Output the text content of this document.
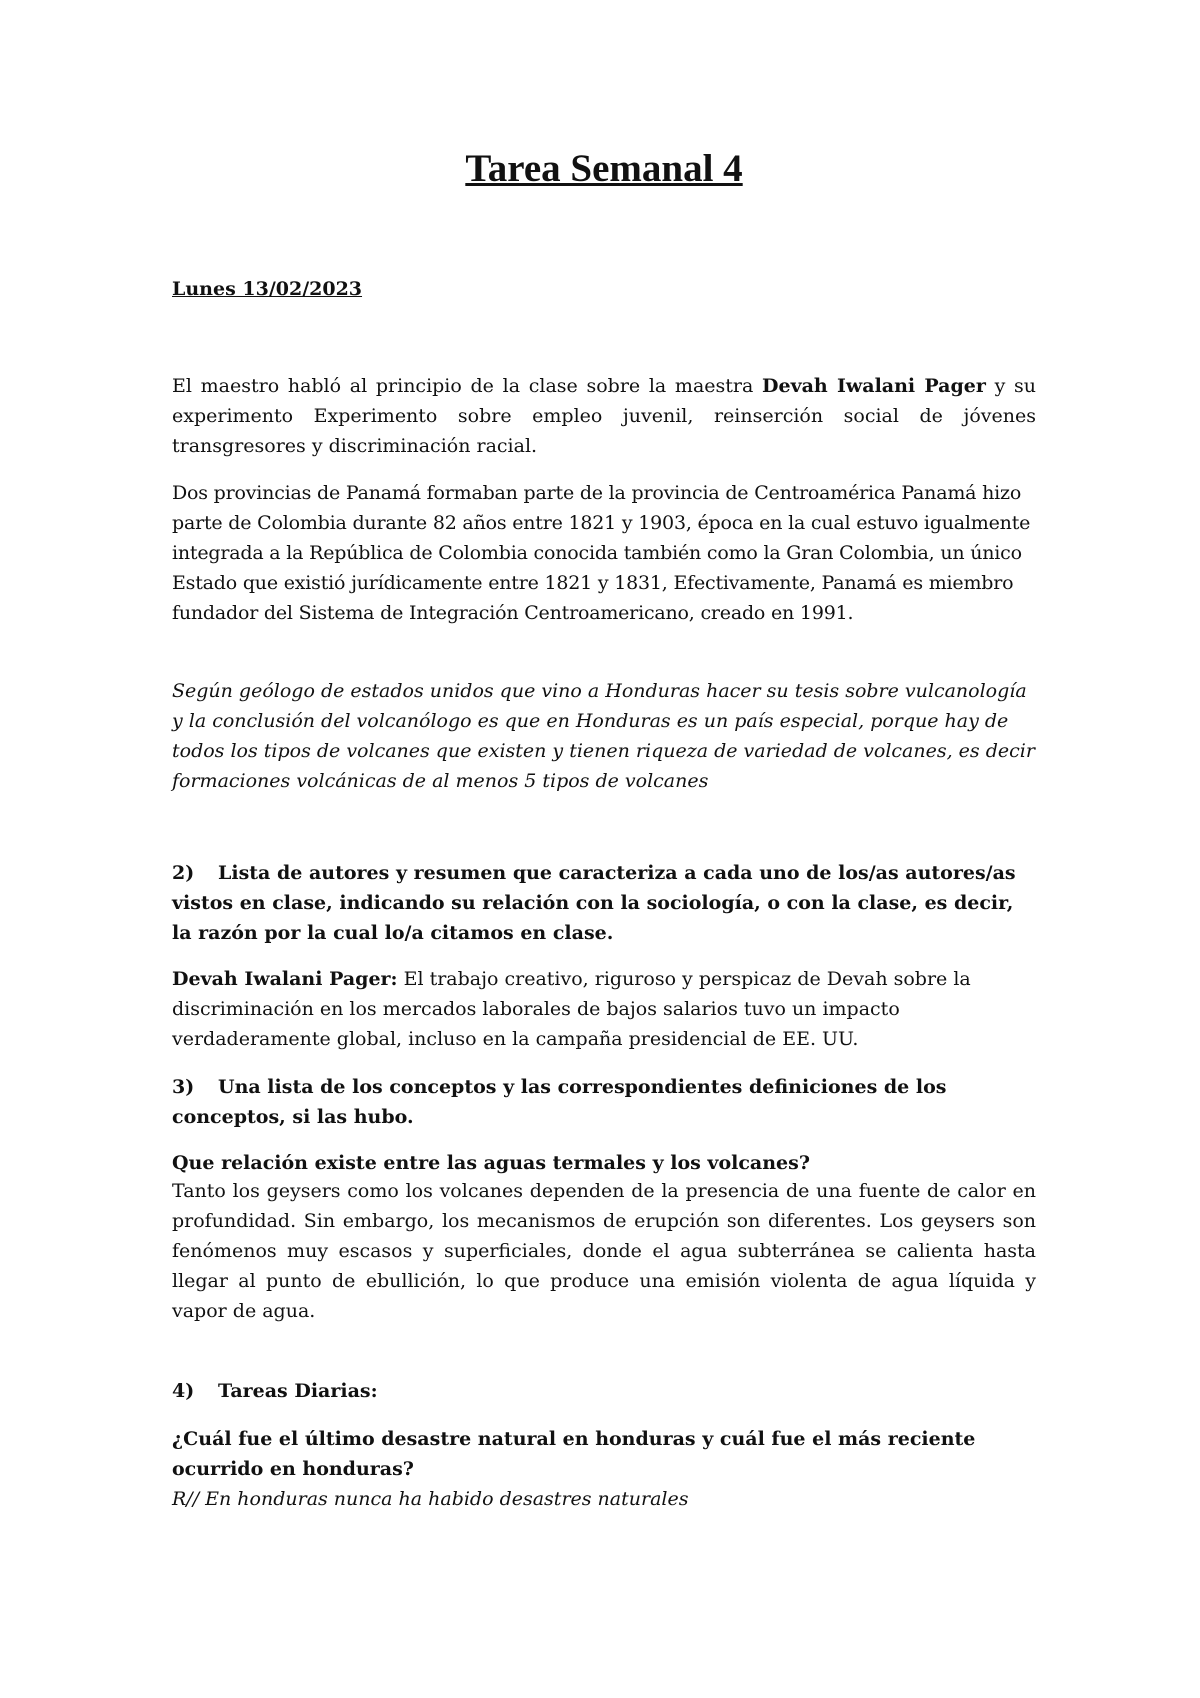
Tarea Semanal 4

Lunes 13/02/2023

El maestro habló al principio de la clase sobre la maestra Devah Iwalani Pager y su experimento Experimento sobre empleo juvenil, reinserción social de jóvenes transgresores y discriminación racial.

Dos provincias de Panamá formaban parte de la provincia de Centroamérica Panamá hizo parte de Colombia durante 82 años entre 1821 y 1903, época en la cual estuvo igualmente integrada a la República de Colombia conocida también como la Gran Colombia, un único Estado que existió jurídicamente entre 1821 y 1831, Efectivamente, Panamá es miembro fundador del Sistema de Integración Centroamericano, creado en 1991.

Según geólogo de estados unidos que vino a Honduras hacer su tesis sobre vulcanología y la conclusión del volcanólogo es que en Honduras es un país especial, porque hay de todos los tipos de volcanes que existen y tienen riqueza de variedad de volcanes, es decir formaciones volcánicas de al menos 5 tipos de volcanes

2) Lista de autores y resumen que caracteriza a cada uno de los/as autores/as vistos en clase, indicando su relación con la sociología, o con la clase, es decir, la razón por la cual lo/a citamos en clase.

Devah Iwalani Pager: El trabajo creativo, riguroso y perspicaz de Devah sobre la discriminación en los mercados laborales de bajos salarios tuvo un impacto verdaderamente global, incluso en la campaña presidencial de EE. UU.

3) Una lista de los conceptos y las correspondientes definiciones de los conceptos, si las hubo.

Que relación existe entre las aguas termales y los volcanes?

Tanto los geysers como los volcanes dependen de la presencia de una fuente de calor en profundidad. Sin embargo, los mecanismos de erupción son diferentes. Los geysers son fenómenos muy escasos y superficiales, donde el agua subterránea se calienta hasta llegar al punto de ebullición, lo que produce una emisión violenta de agua líquida y vapor de agua.

4) Tareas Diarias:

¿Cuál fue el último desastre natural en honduras y cuál fue el más reciente ocurrido en honduras?

R// En honduras nunca ha habido desastres naturales
